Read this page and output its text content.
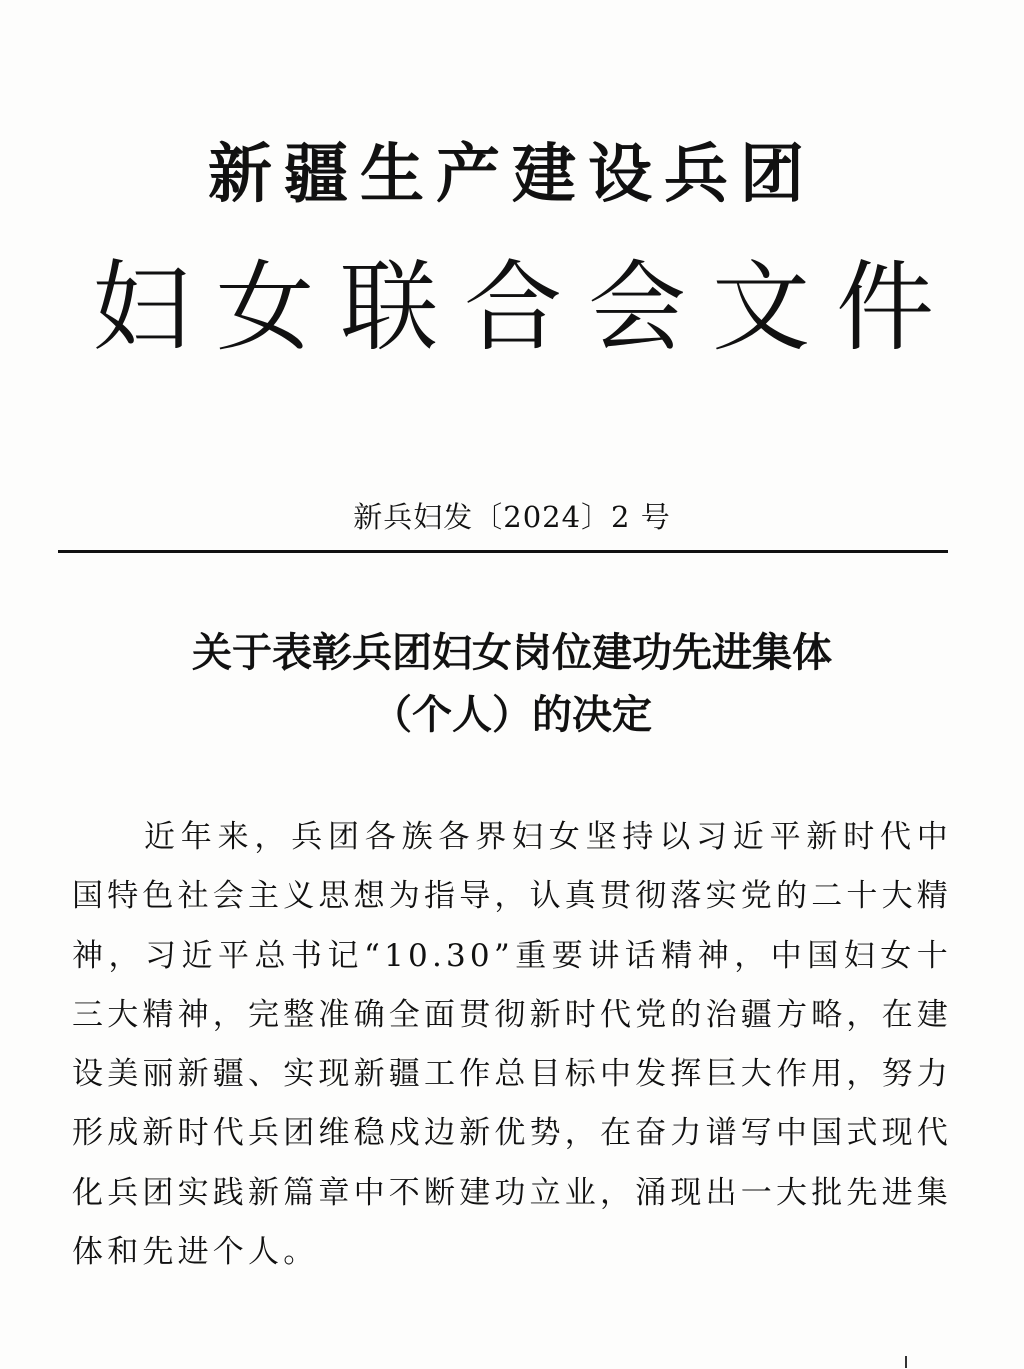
新疆生产建设兵团
妇女联合会文件
新兵妇发〔2024〕2 号
关于表彰兵团妇女岗位建功先进集体
（个人）的决定

近年来，兵团各族各界妇女坚持以习近平新时代中国特色社会主义思想为指导，认真贯彻落实党的二十大精神，习近平总书记“10.30”重要讲话精神，中国妇女十三大精神，完整准确全面贯彻新时代党的治疆方略，在建设美丽新疆、实现新疆工作总目标中发挥巨大作用，努力形成新时代兵团维稳戍边新优势，在奋力谱写中国式现代化兵团实践新篇章中不断建功立业，涌现出一大批先进集体和先进个人。
